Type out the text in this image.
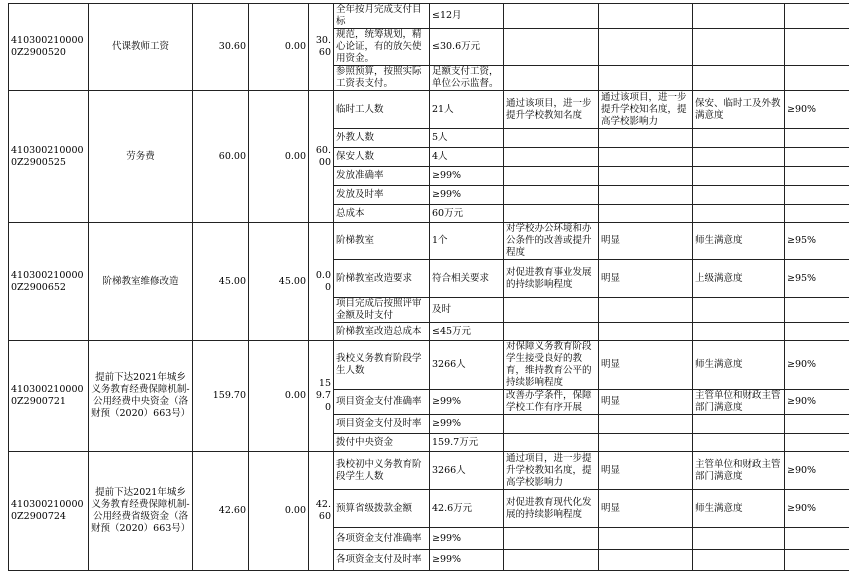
4103002100000Z2900520	代课教师工资	30.60	0.00	30.60	全年按月完成支付目标	≤12月				
					规范，统筹规划，精心论证，有的放矢使用资金。	≤30.6万元				
					参照预算，按照实际工资表支付。	足额支付工资，单位公示监督。				
4103002100000Z2900525	劳务费	60.00	0.00	60.00	临时工人数	21人	通过该项目，进一步提升学校教知名度	通过该项目，进一步提升学校知名度，提高学校影响力	保安、临时工及外教满意度	≥90%
					外教人数	5人				
					保安人数	4人				
					发放准确率	≥99%				
					发放及时率	≥99%				
					总成本	60万元				
4103002100000Z2900652	阶梯教室维修改造	45.00	45.00	0.00	阶梯教室	1个	对学校办公环境和办公条件的改善或提升程度	明显	师生满意度	≥95%
					阶梯教室改造要求	符合相关要求	对促进教育事业发展的持续影响程度	明显	上级满意度	≥95%
					项目完成后按照评审金额及时支付	及时				
					阶梯教室改造总成本	≤45万元				
4103002100000Z2900721	提前下达2021年城乡义务教育经费保障机制-公用经费中央资金（洛财预（2020）663号）	159.70	0.00	159.70	我校义务教育阶段学生人数	3266人	对保障义务教育阶段学生接受良好的教育，维持教育公平的持续影响程度	明显	师生满意度	≥90%
					项目资金支付准确率	≥99%	改善办学条件，保障学校工作有序开展	明显	主管单位和财政主管部门满意度	≥90%
					项目资金支付及时率	≥99%				
					拨付中央资金	159.7万元				
4103002100000Z2900724	提前下达2021年城乡义务教育经费保障机制-公用经费省级资金（洛财预（2020）663号）	42.60	0.00	42.60	我校初中义务教育阶段学生人数	3266人	通过项目，进一步提升学校教知名度，提高学校影响力	明显	主管单位和财政主管部门满意度	≥90%
					预算省级拨款金额	42.6万元	对促进教育现代化发展的持续影响程度	明显	师生满意度	≥90%
					各项资金支付准确率	≥99%				
					各项资金支付及时率	≥99%				
